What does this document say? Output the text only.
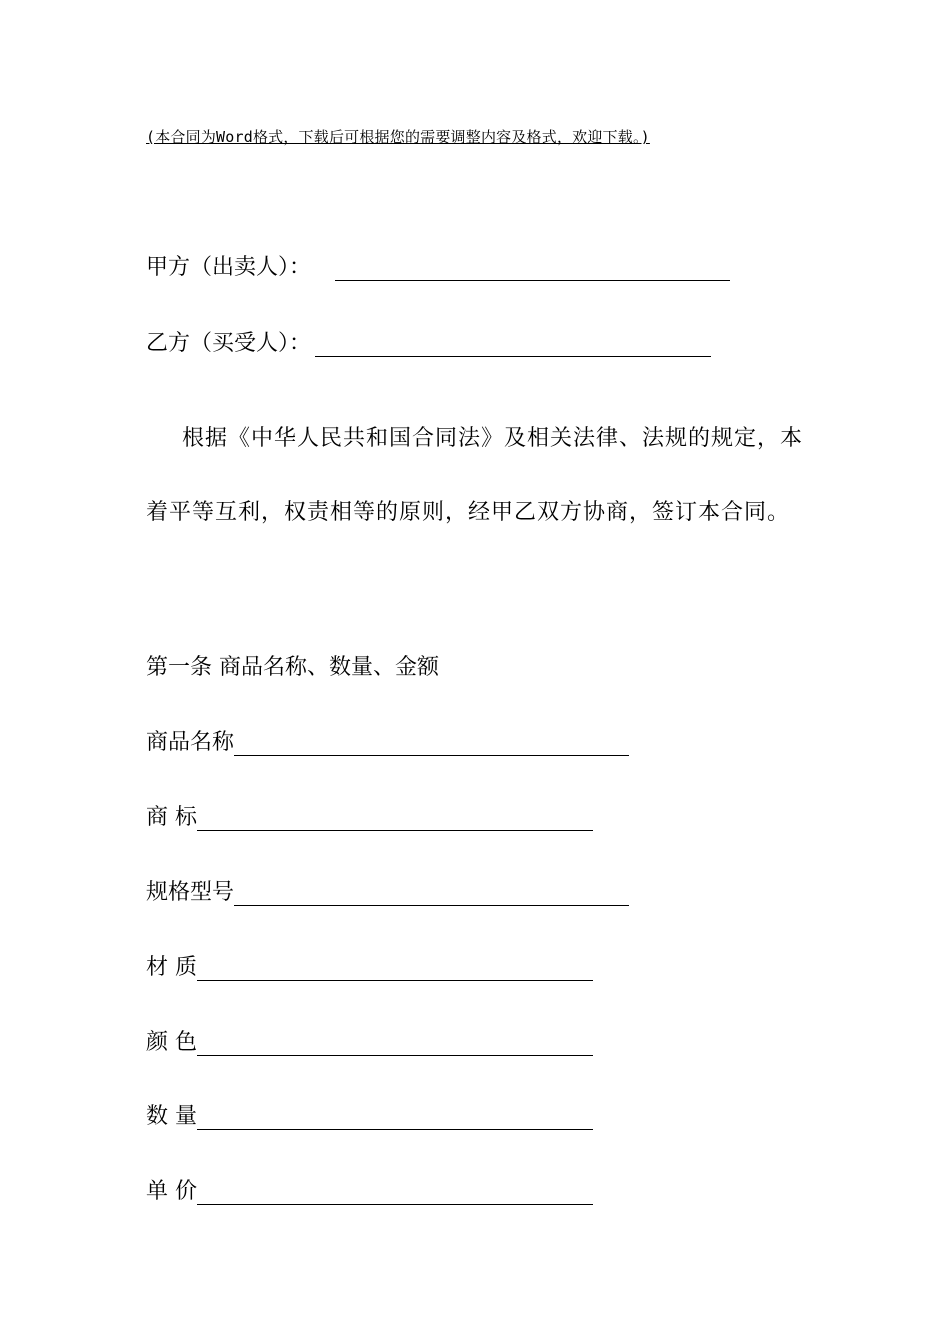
(本合同为Word格式，下载后可根据您的需要调整内容及格式，欢迎下载。)
甲方（出卖人）：
乙方（买受人）：
根据《中华人民共和国合同法》及相关法律、法规的规定，本着平等互利，权责相等的原则，经甲乙双方协商，签订本合同。
第一条 商品名称、数量、金额
商品名称
商 标
规格型号
材 质
颜 色
数 量
单 价
